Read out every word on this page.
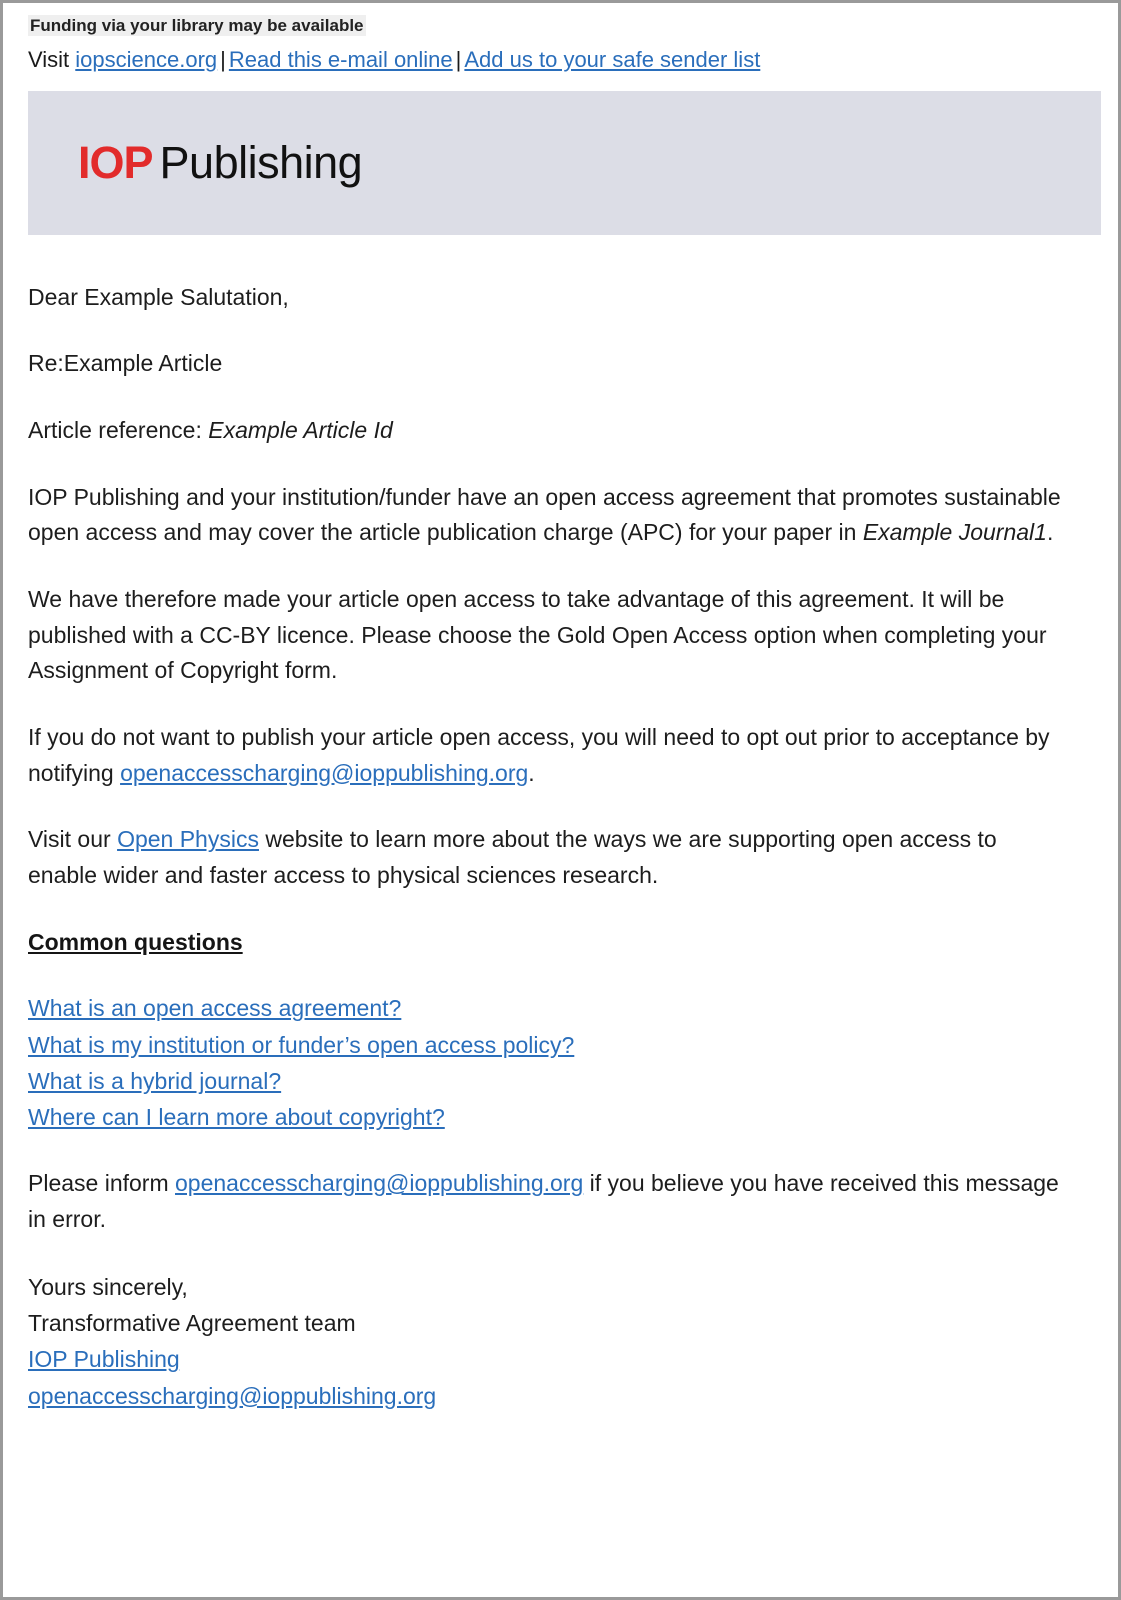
Funding via your library may be available
Visit iopscience.org | Read this e-mail online | Add us to your safe sender list
IOP Publishing

Dear Example Salutation,

Re:Example Article

Article reference: Example Article Id

IOP Publishing and your institution/funder have an open access agreement that promotes sustainable open access and may cover the article publication charge (APC) for your paper in Example Journal1.

We have therefore made your article open access to take advantage of this agreement. It will be published with a CC-BY licence. Please choose the Gold Open Access option when completing your Assignment of Copyright form.

If you do not want to publish your article open access, you will need to opt out prior to acceptance by notifying openaccesscharging@ioppublishing.org.

Visit our Open Physics website to learn more about the ways we are supporting open access to enable wider and faster access to physical sciences research.

Common questions
What is an open access agreement?
What is my institution or funder’s open access policy?
What is a hybrid journal?
Where can I learn more about copyright?

Please inform openaccesscharging@ioppublishing.org if you believe you have received this message in error.

Yours sincerely,
Transformative Agreement team
IOP Publishing
openaccesscharging@ioppublishing.org
